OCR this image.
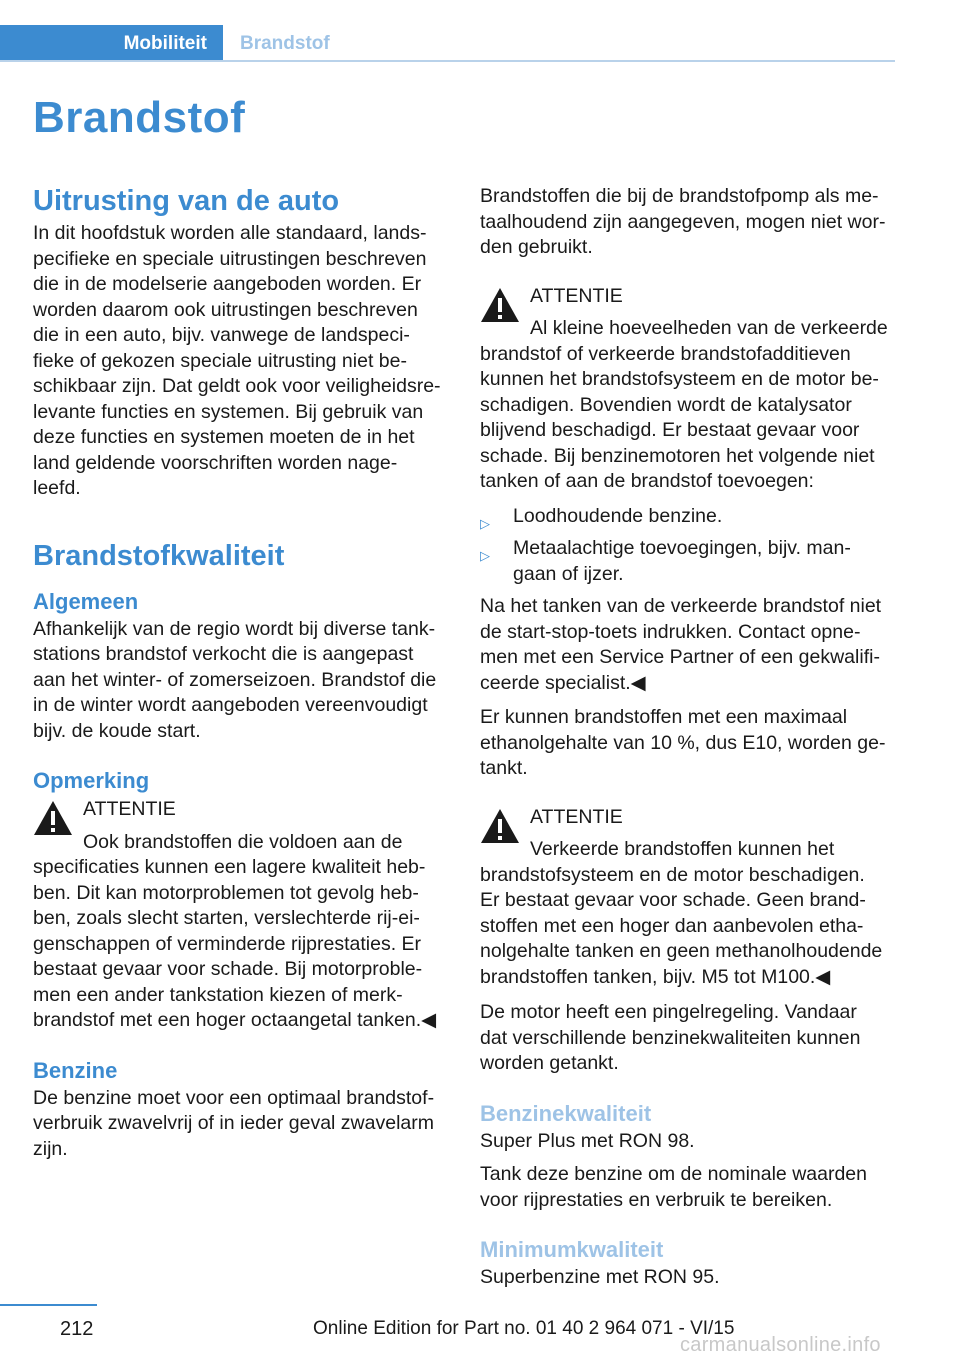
Mobiliteit	Brandstof
Brandstof
Uitrusting van de auto

In dit hoofdstuk worden alle standaard, lands-
pecifieke en speciale uitrustingen beschreven
die in de modelserie aangeboden worden. Er
worden daarom ook uitrustingen beschreven
die in een auto, bijv. vanwege de landspeci-
fieke of gekozen speciale uitrusting niet be-
schikbaar zijn. Dat geldt ook voor veiligheidsre-
levante functies en systemen. Bij gebruik van
deze functies en systemen moeten de in het
land geldende voorschriften worden nage-
leefd.

Brandstofkwaliteit
Algemeen

Afhankelijk van de regio wordt bij diverse tank-
stations brandstof verkocht die is aangepast
aan het winter- of zomerseizoen. Brandstof die
in de winter wordt aangeboden vereenvoudigt
bijv. de koude start.

Opmerking
ATTENTIE

Ook brandstoffen die voldoen aan de
specificaties kunnen een lagere kwaliteit heb-
ben. Dit kan motorproblemen tot gevolg heb-
ben, zoals slecht starten, verslechterde rij-ei-
genschappen of verminderde rijprestaties. Er
bestaat gevaar voor schade. Bij motorproble-
men een ander tankstation kiezen of merk-
brandstof met een hoger octaangetal tanken.◀

Benzine

De benzine moet voor een optimaal brandstof-
verbruik zwavelvrij of in ieder geval zwavelarm
zijn.

Brandstoffen die bij de brandstofpomp als me-
taalhoudend zijn aangegeven, mogen niet wor-
den gebruikt.

ATTENTIE

Al kleine hoeveelheden van de verkeerde
brandstof of verkeerde brandstofadditieven
kunnen het brandstofsysteem en de motor be-
schadigen. Bovendien wordt de katalysator
blijvend beschadigd. Er bestaat gevaar voor
schade. Bij benzinemotoren het volgende niet
tanken of aan de brandstof toevoegen:

▷ Loodhoudende benzine.
▷ Metaalachtige toevoegingen, bijv. man-
gaan of ijzer.

Na het tanken van de verkeerde brandstof niet
de start-stop-toets indrukken. Contact opne-
men met een Service Partner of een gekwalifi-
ceerde specialist.◀

Er kunnen brandstoffen met een maximaal
ethanolgehalte van 10 %, dus E10, worden ge-
tankt.

ATTENTIE

Verkeerde brandstoffen kunnen het
brandstofsysteem en de motor beschadigen.
Er bestaat gevaar voor schade. Geen brand-
stoffen met een hoger dan aanbevolen etha-
nolgehalte tanken en geen methanolhoudende
brandstoffen tanken, bijv. M5 tot M100.◀

De motor heeft een pingelregeling. Vandaar
dat verschillende benzinekwaliteiten kunnen
worden getankt.

Benzinekwaliteit

Super Plus met RON 98.

Tank deze benzine om de nominale waarden
voor rijprestaties en verbruik te bereiken.

Minimumkwaliteit

Superbenzine met RON 95.

212	Online Edition for Part no. 01 40 2 964 071 - VI/15
carmanualsonline.info
